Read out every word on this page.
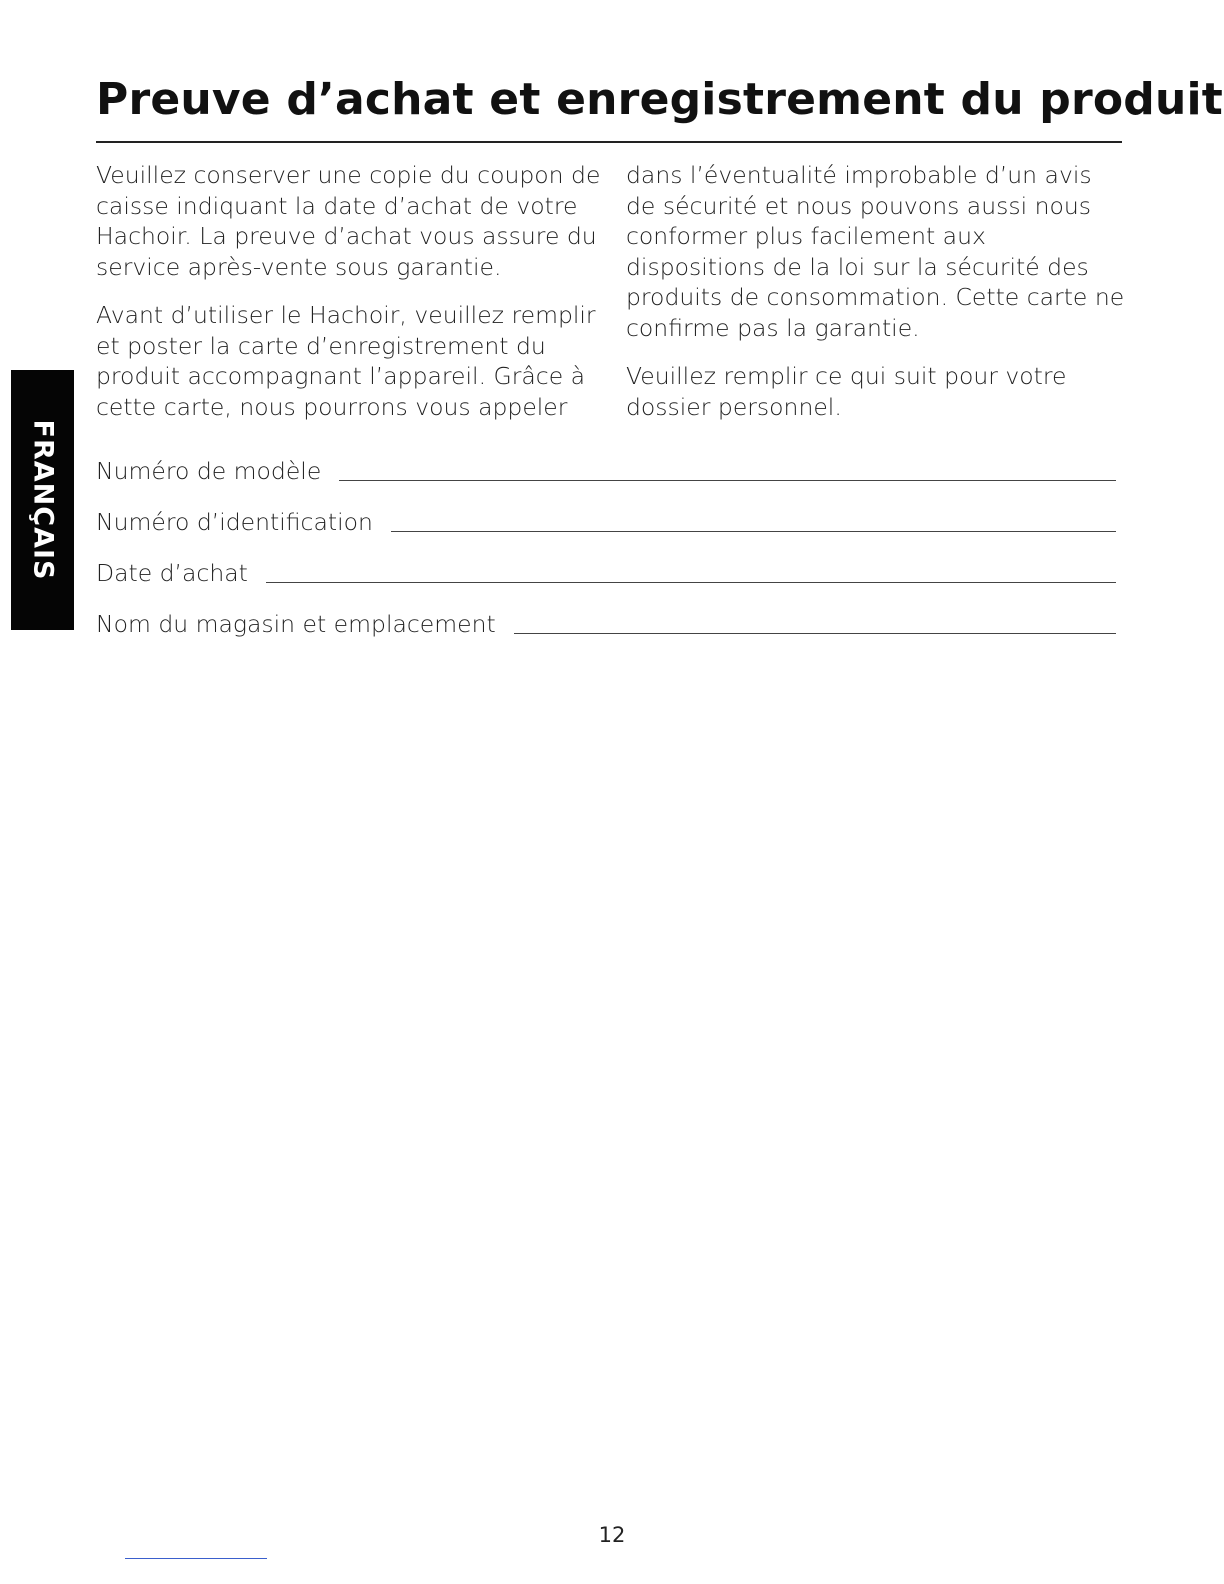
Preuve d’achat et enregistrement du produit
FRANÇAIS

Veuillez conserver une copie du coupon de caisse indiquant la date d’achat de votre Hachoir. La preuve d’achat vous assure du service après-vente sous garantie.

Avant d’utiliser le Hachoir, veuillez remplir et poster la carte d’enregistrement du produit accompagnant l’appareil. Grâce à cette carte, nous pourrons vous appeler

dans l’éventualité improbable d’un avis de sécurité et nous pouvons aussi nous conformer plus facilement aux dispositions de la loi sur la sécurité des produits de consommation. Cette carte ne confirme pas la garantie.

Veuillez remplir ce qui suit pour votre dossier personnel.

Numéro de modèle
Numéro d’identification
Date d’achat
Nom du magasin et emplacement
12
